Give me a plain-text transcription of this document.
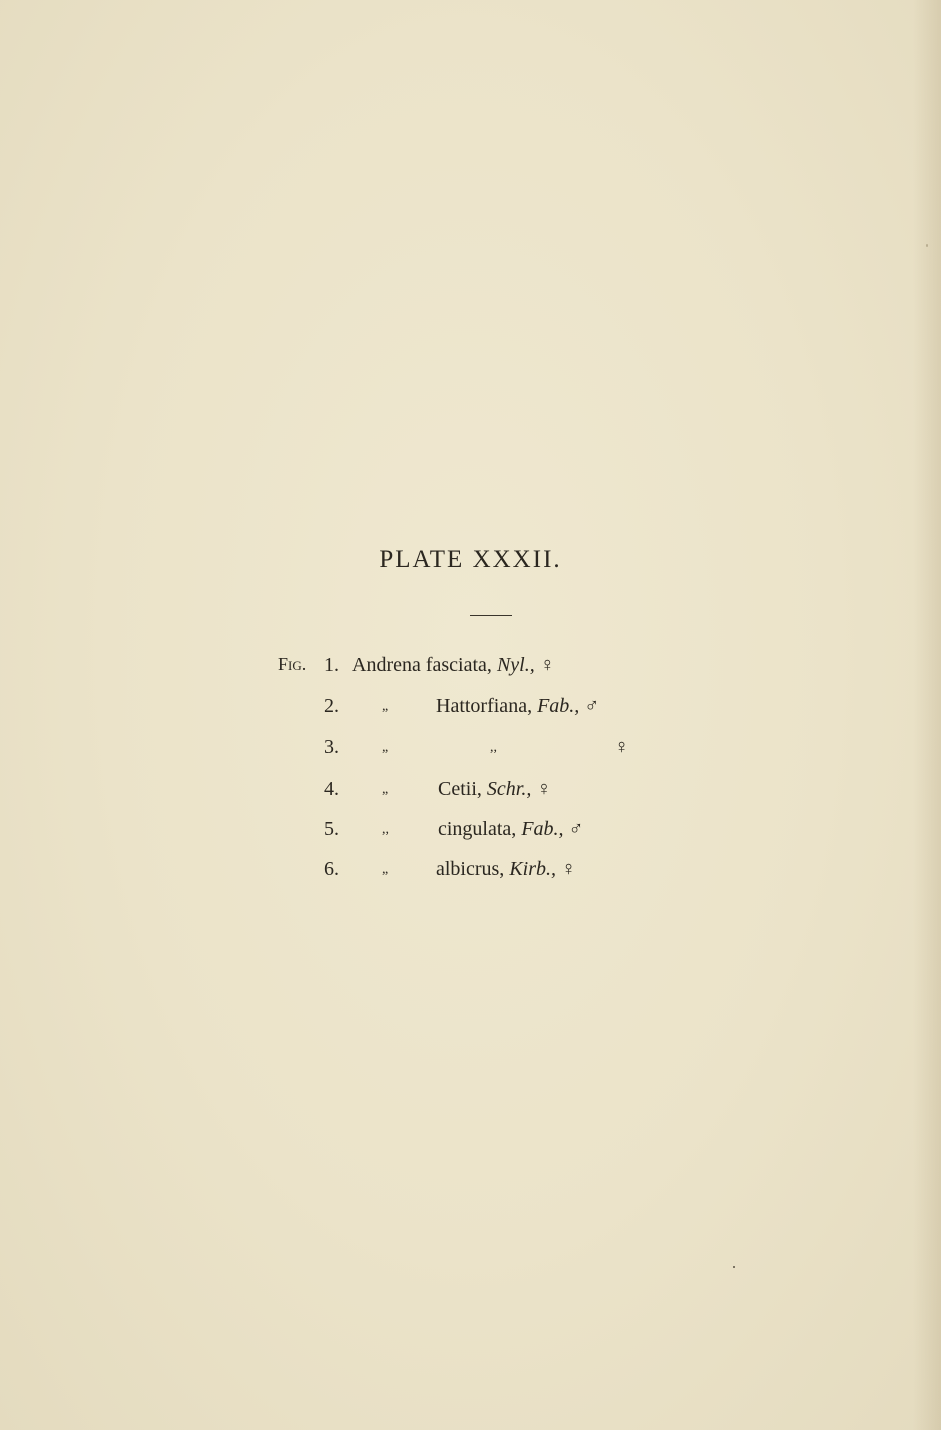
PLATE XXXII.
Fig. 1. Andrena fasciata, Nyl., ♀
2.	„ Hattorfiana, Fab., ♂
3.	„	,,	♀
4.	„ Cetii, Schr., ♀
5.	,, cingulata, Fab., ♂
6.	„ albicrus, Kirb., ♀
